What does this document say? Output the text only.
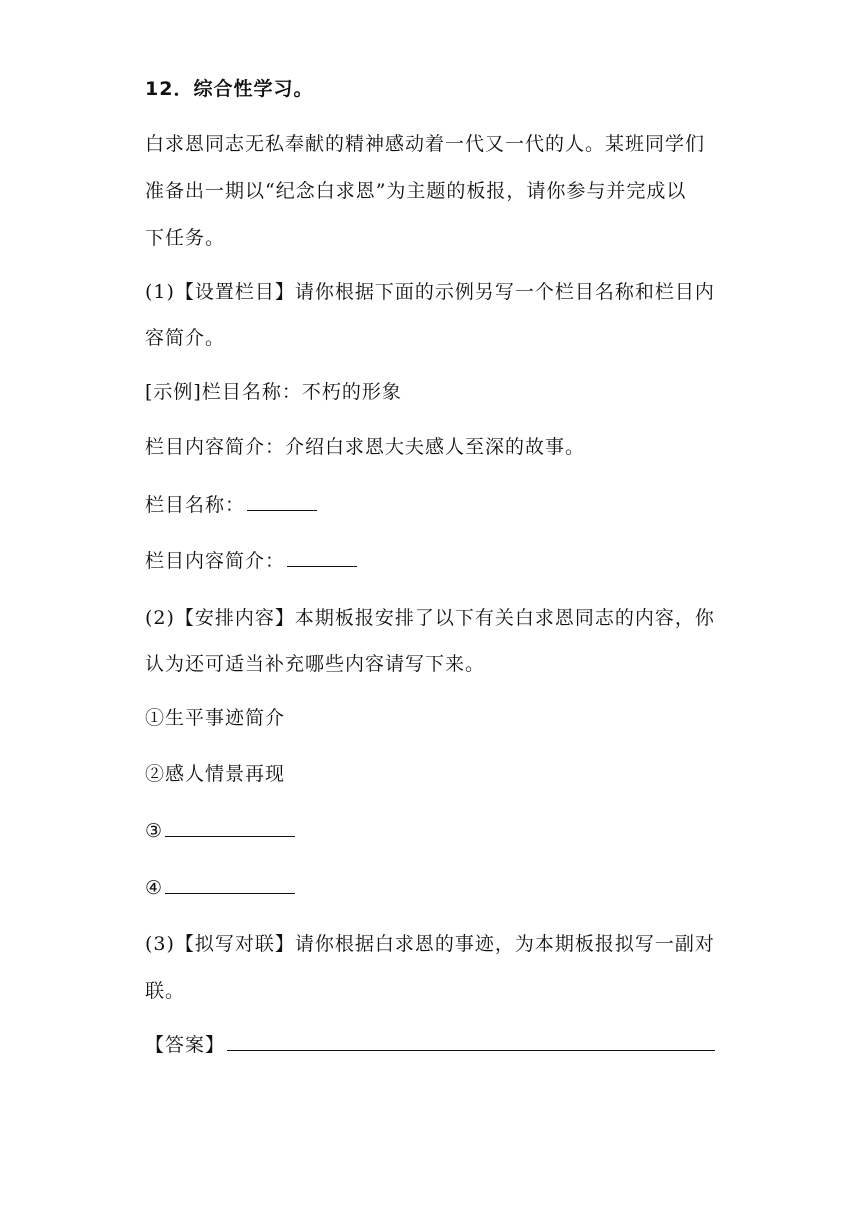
12．综合性学习。
白求恩同志无私奉献的精神感动着一代又一代的人。某班同学们
准备出一期以“纪念白求恩”为主题的板报，请你参与并完成以
下任务。
(1)【设置栏目】请你根据下面的示例另写一个栏目名称和栏目内
容简介。
[示例]栏目名称：不朽的形象
栏目内容简介：介绍白求恩大夫感人至深的故事。
栏目名称：
栏目内容简介：
(2)【安排内容】本期板报安排了以下有关白求恩同志的内容，你
认为还可适当补充哪些内容请写下来。
①生平事迹简介
②感人情景再现
③
④
(3)【拟写对联】请你根据白求恩的事迹，为本期板报拟写一副对
联。
【答案】
